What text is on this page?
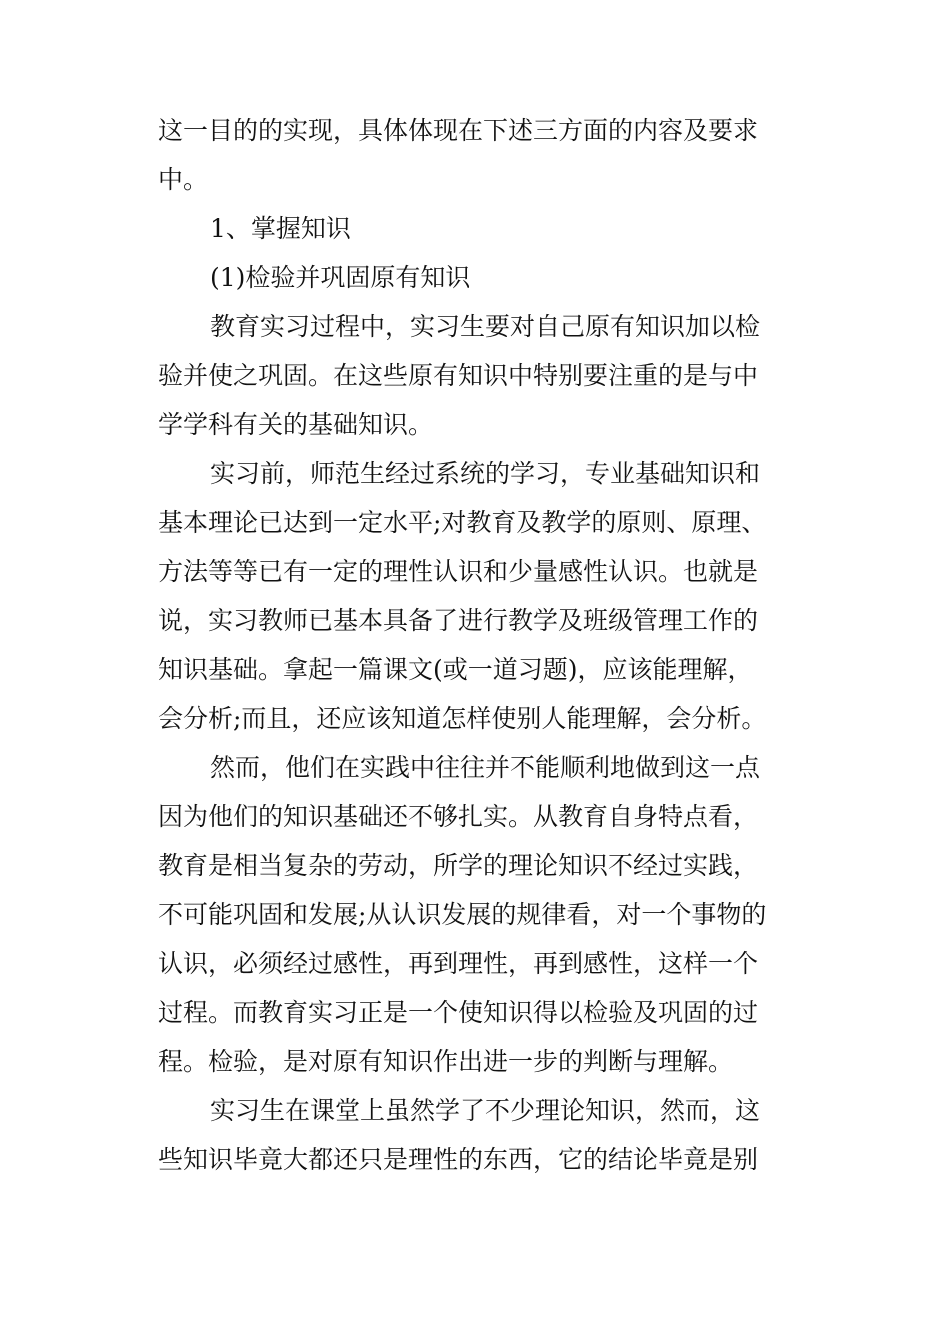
这一目的的实现，具体体现在下述三方面的内容及要求
中。
1、掌握知识
(1)检验并巩固原有知识
教育实习过程中，实习生要对自己原有知识加以检
验并使之巩固。在这些原有知识中特别要注重的是与中
学学科有关的基础知识。
实习前，师范生经过系统的学习，专业基础知识和
基本理论已达到一定水平;对教育及教学的原则、原理、
方法等等已有一定的理性认识和少量感性认识。也就是
说，实习教师已基本具备了进行教学及班级管理工作的
知识基础。拿起一篇课文(或一道习题)，应该能理解，
会分析;而且，还应该知道怎样使别人能理解，会分析。
然而，他们在实践中往往并不能顺利地做到这一点
因为他们的知识基础还不够扎实。从教育自身特点看，
教育是相当复杂的劳动，所学的理论知识不经过实践，
不可能巩固和发展;从认识发展的规律看，对一个事物的
认识，必须经过感性，再到理性，再到感性，这样一个
过程。而教育实习正是一个使知识得以检验及巩固的过
程。检验，是对原有知识作出进一步的判断与理解。
实习生在课堂上虽然学了不少理论知识，然而，这
些知识毕竟大都还只是理性的东西，它的结论毕竟是别
